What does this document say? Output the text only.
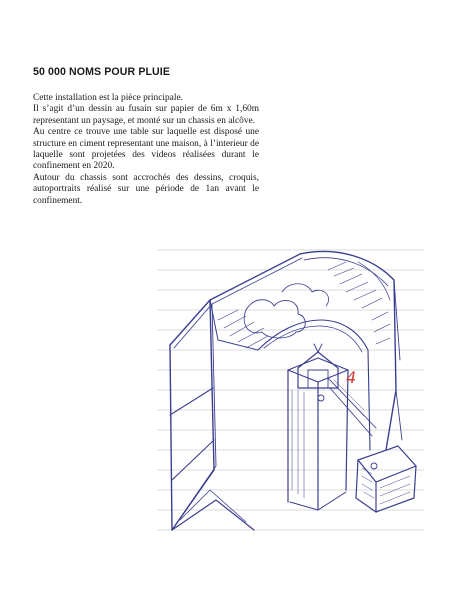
50 000 NOMS POUR PLUIE

Cette installation est la pièce principale.

Il s’agit d’un dessin au fusain sur papier de 6m x 1,60m representant un paysage, et monté sur un chassis en alcôve.

Au centre ce trouve une table sur laquelle est disposé une structure en ciment representant une maison, à l’interieur de laquelle sont projetées des videos réalisées durant le confinement en 2020.

Autour du chassis sont accrochés des dessins, croquis, autoportraits réalisé sur une période de 1an avant le confinement.

4
